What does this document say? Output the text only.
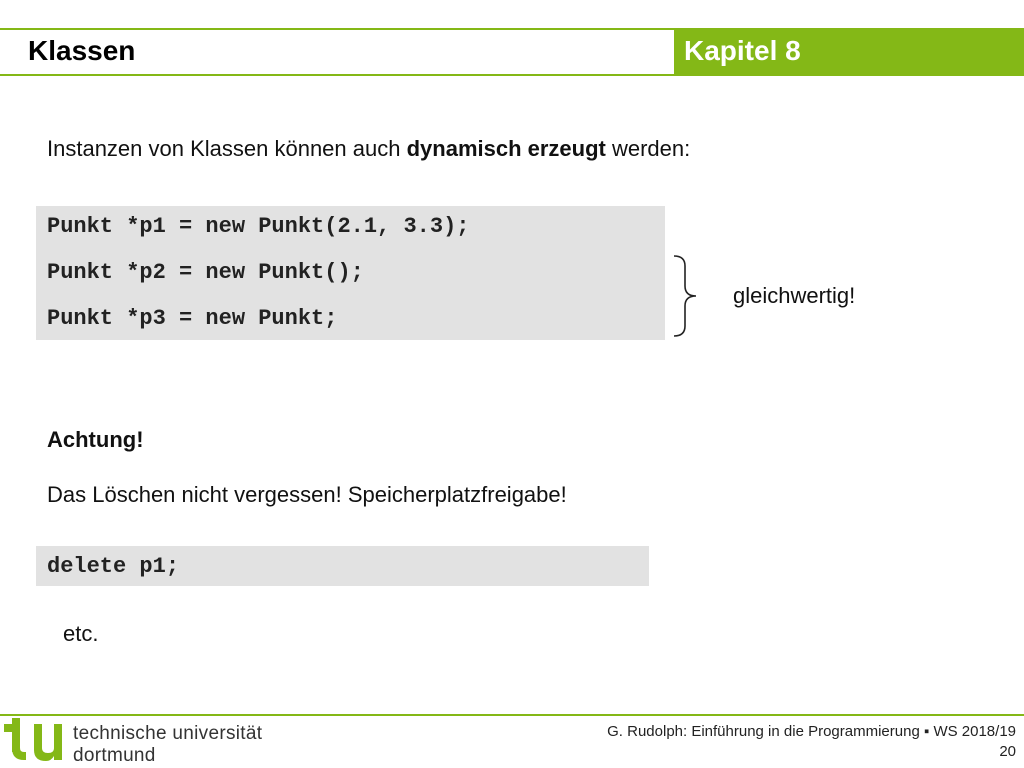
Klassen	Kapitel 8
Instanzen von Klassen können auch dynamisch erzeugt werden:
Punkt *p1 = new Punkt(2.1, 3.3);
Punkt *p2 = new Punkt();
Punkt *p3 = new Punkt;
gleichwertig!
Achtung!
Das Löschen nicht vergessen! Speicherplatzfreigabe!
delete p1;
etc.
technische universität
dortmund
G. Rudolph: Einführung in die Programmierung ▪ WS 2018/19
20
